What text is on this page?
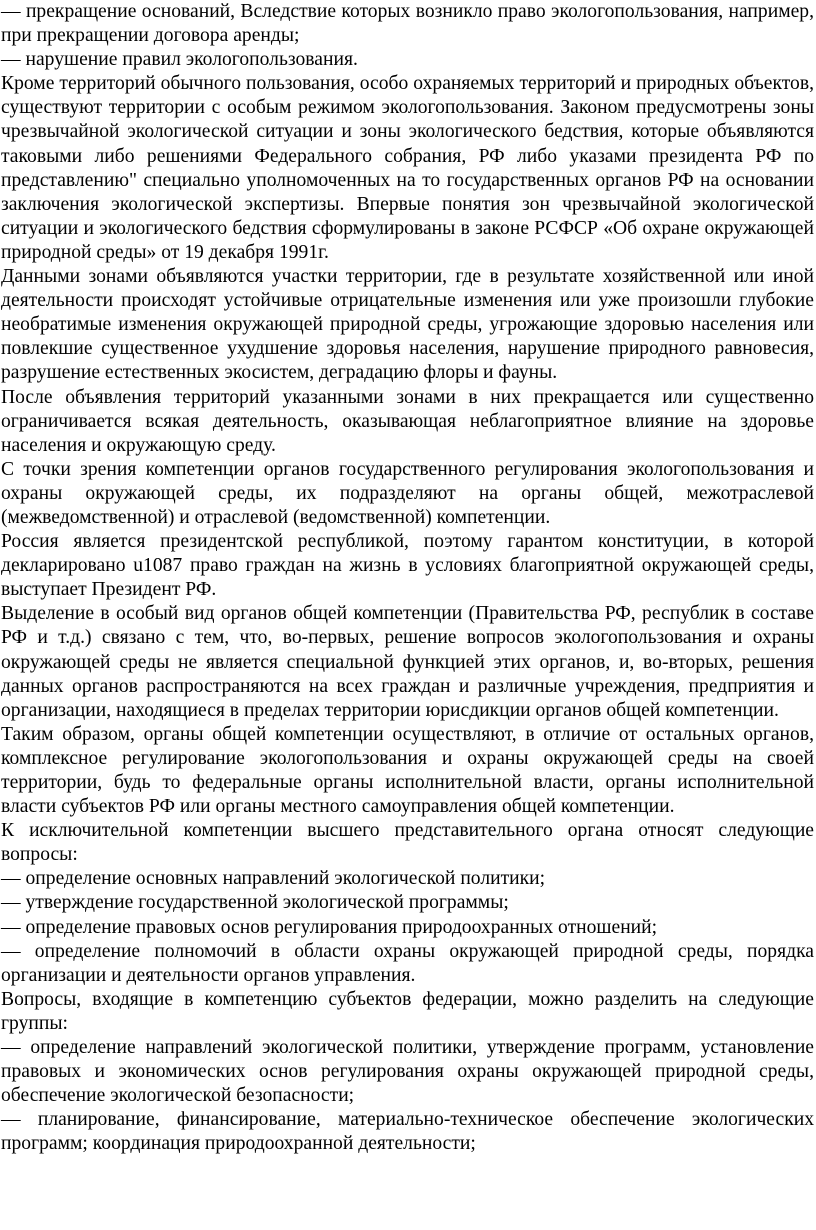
— прекращение оснований, Вследствие которых возникло право экологопользования, например, при прекращении договора аренды;

— нарушение правил экологопользования.

Кроме территорий обычного пользования, особо охраняемых территорий и природных объектов, существуют территории с особым режимом экологопользования. Законом предусмотрены зоны чрезвычайной экологической ситуации и зоны экологического бедствия, которые объявляются таковыми либо решениями Федерального собрания, РФ либо указами президента РФ по представлению" специально уполномоченных на то государственных органов РФ на основании заключения экологической экспертизы. Впервые понятия зон чрезвычайной экологической ситуации и экологического бедствия сформулированы в законе РСФСР «Об охране окружающей природной среды» от 19 декабря 1991г.

Данными зонами объявляются участки территории, где в результате хозяйственной или иной деятельности происходят устойчивые отрицательные изменения или уже произошли глубокие необратимые изменения окружающей природной среды, угрожающие здоровью населения или повлекшие существенное ухудшение здоровья населения, нарушение природного равновесия, разрушение естественных экосистем, деградацию флоры и фауны.

После объявления территорий указанными зонами в них прекращается или существенно ограничивается всякая деятельность, оказывающая неблагоприятное влияние на здоровье населения и окружающую среду.

С точки зрения компетенции органов государственного регулирования экологопользования и охраны окружающей среды, их подразделяют на органы общей, межотраслевой (межведомственной) и отраслевой (ведомственной) компетенции.

Россия является президентской республикой, поэтому гарантом конституции, в которой декларировано u1087 право граждан на жизнь в условиях благоприятной окружающей среды, выступает Президент РФ.

Выделение в особый вид органов общей компетенции (Правительства РФ, республик в составе РФ и т.д.) связано с тем, что, во-первых, решение вопросов экологопользования и охраны окружающей среды не является специальной функцией этих органов, и, во-вторых, решения данных органов распространяются на всех граждан и различные учреждения, предприятия и организации, находящиеся в пределах территории юрисдикции органов общей компетенции.

Таким образом, органы общей компетенции осуществляют, в отличие от остальных органов, комплексное регулирование экологопользования и охраны окружающей среды на своей территории, будь то федеральные органы исполнительной власти, органы исполнительной власти субъектов РФ или органы местного самоуправления общей компетенции.

К исключительной компетенции высшего представительного органа относят следующие вопросы:

— определение основных направлений экологической политики;

— утверждение государственной экологической программы;

— определение правовых основ регулирования природоохранных отношений;

— определение полномочий в области охраны окружающей природной среды, порядка организации и деятельности органов управления.

Вопросы, входящие в компетенцию субъектов федерации, можно разделить на следующие группы:

— определение направлений экологической политики, утверждение программ, установление правовых и экономических основ регулирования охраны окружающей природной среды, обеспечение экологической безопасности;

— планирование, финансирование, материально-техническое обеспечение экологических программ; координация природоохранной деятельности;
